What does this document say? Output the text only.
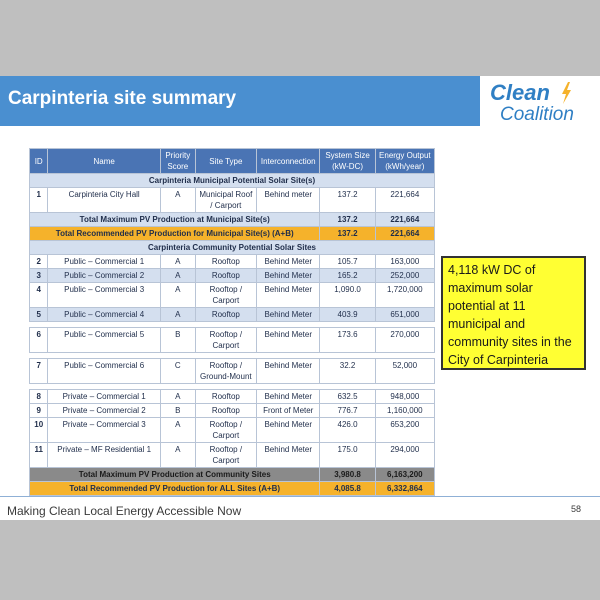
Carpinteria site summary	Clean
Coalition
ID	Name	Priority Score	Site Type	Interconnection	System Size (kW-DC)	Energy Output (kWh/year)
Carpinteria Municipal Potential Solar Site(s)						
1	Carpinteria City Hall	A	Municipal Roof / Carport	Behind meter	137.2	221,664
Total Maximum PV Production at Municipal Site(s)					137.2	221,664
Total Recommended PV Production for Municipal Site(s) (A+B)					137.2	221,664
Carpinteria Community Potential Solar Sites						
2	Public – Commercial 1	A	Rooftop	Behind Meter	105.7	163,000
3	Public – Commercial 2	A	Rooftop	Behind Meter	165.2	252,000
4	Public – Commercial 3	A	Rooftop / Carport	Behind Meter	1,090.0	1,720,000
5	Public – Commercial 4	A	Rooftop	Behind Meter	403.9	651,000

6	Public – Commercial 5	B	Rooftop / Carport	Behind Meter	173.6	270,000

7	Public – Commercial 6	C	Rooftop / Ground-Mount	Behind Meter	32.2	52,000

8	Private – Commercial 1	A	Rooftop	Behind Meter	632.5	948,000
9	Private – Commercial 2	B	Rooftop	Front of Meter	776.7	1,160,000
10	Private – Commercial 3	A	Rooftop / Carport	Behind Meter	426.0	653,200
11	Private – MF Residential 1	A	Rooftop / Carport	Behind Meter	175.0	294,000
Total Maximum PV Production at Community Sites					3,980.8	6,163,200
Total Recommended PV Production for ALL Sites (A+B)					4,085.8	6,332,864
4,118 kW DC of maximum solar potential at 11 municipal and community sites in the City of Carpinteria
Making Clean Local Energy Accessible Now	58
